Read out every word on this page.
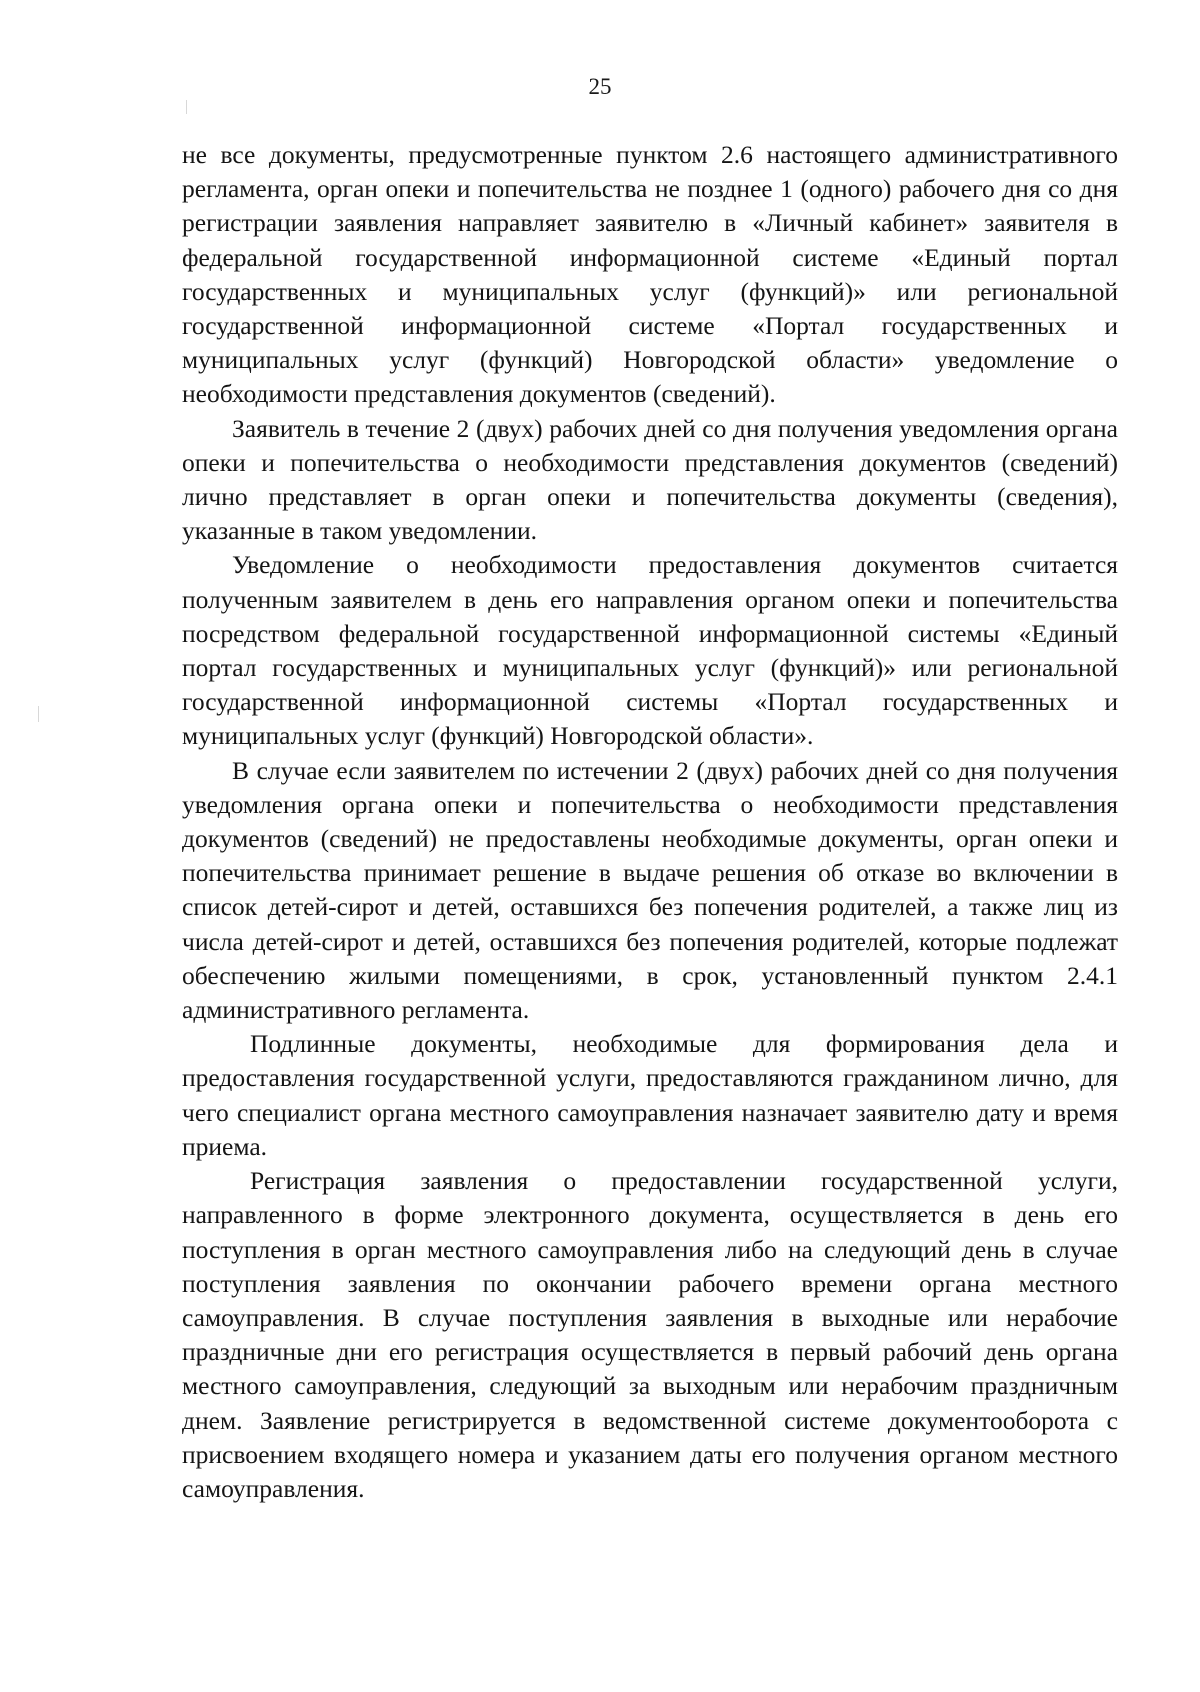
25

не все документы, предусмотренные пунктом 2.6 настоящего административного регламента, орган опеки и попечительства не позднее 1 (одного) рабочего дня со дня регистрации заявления направляет заявителю в «Личный кабинет» заявителя в федеральной государственной информационной системе «Единый портал государственных и муниципальных услуг (функций)» или региональной государственной информационной системе «Портал государственных и муниципальных услуг (функций) Новгородской области» уведомление о необходимости представления документов (сведений).

Заявитель в течение 2 (двух) рабочих дней со дня получения уведомления органа опеки и попечительства о необходимости представления документов (сведений) лично представляет в орган опеки и попечительства документы (сведения), указанные в таком уведомлении.

Уведомление о необходимости предоставления документов считается полученным заявителем в день его направления органом опеки и попечительства посредством федеральной государственной информационной системы «Единый портал государственных и муниципальных услуг (функций)» или региональной государственной информационной системы «Портал государственных и муниципальных услуг (функций) Новгородской области».

В случае если заявителем по истечении 2 (двух) рабочих дней со дня получения уведомления органа опеки и попечительства о необходимости представления документов (сведений) не предоставлены необходимые документы, орган опеки и попечительства принимает решение в выдаче решения об отказе во включении в список детей-сирот и детей, оставшихся без попечения родителей, а также лиц из числа детей-сирот и детей, оставшихся без попечения родителей, которые подлежат обеспечению жилыми помещениями, в срок, установленный пунктом 2.4.1 административного регламента.

Подлинные документы, необходимые для формирования дела и предоставления государственной услуги, предоставляются гражданином лично, для чего специалист органа местного самоуправления назначает заявителю дату и время приема.

Регистрация заявления о предоставлении государственной услуги, направленного в форме электронного документа, осуществляется в день его поступления в орган местного самоуправления либо на следующий день в случае поступления заявления по окончании рабочего времени органа местного самоуправления. В случае поступления заявления в выходные или нерабочие праздничные дни его регистрация осуществляется в первый рабочий день органа местного самоуправления, следующий за выходным или нерабочим праздничным днем. Заявление регистрируется в ведомственной системе документооборота с присвоением входящего номера и указанием даты его получения органом местного самоуправления.
